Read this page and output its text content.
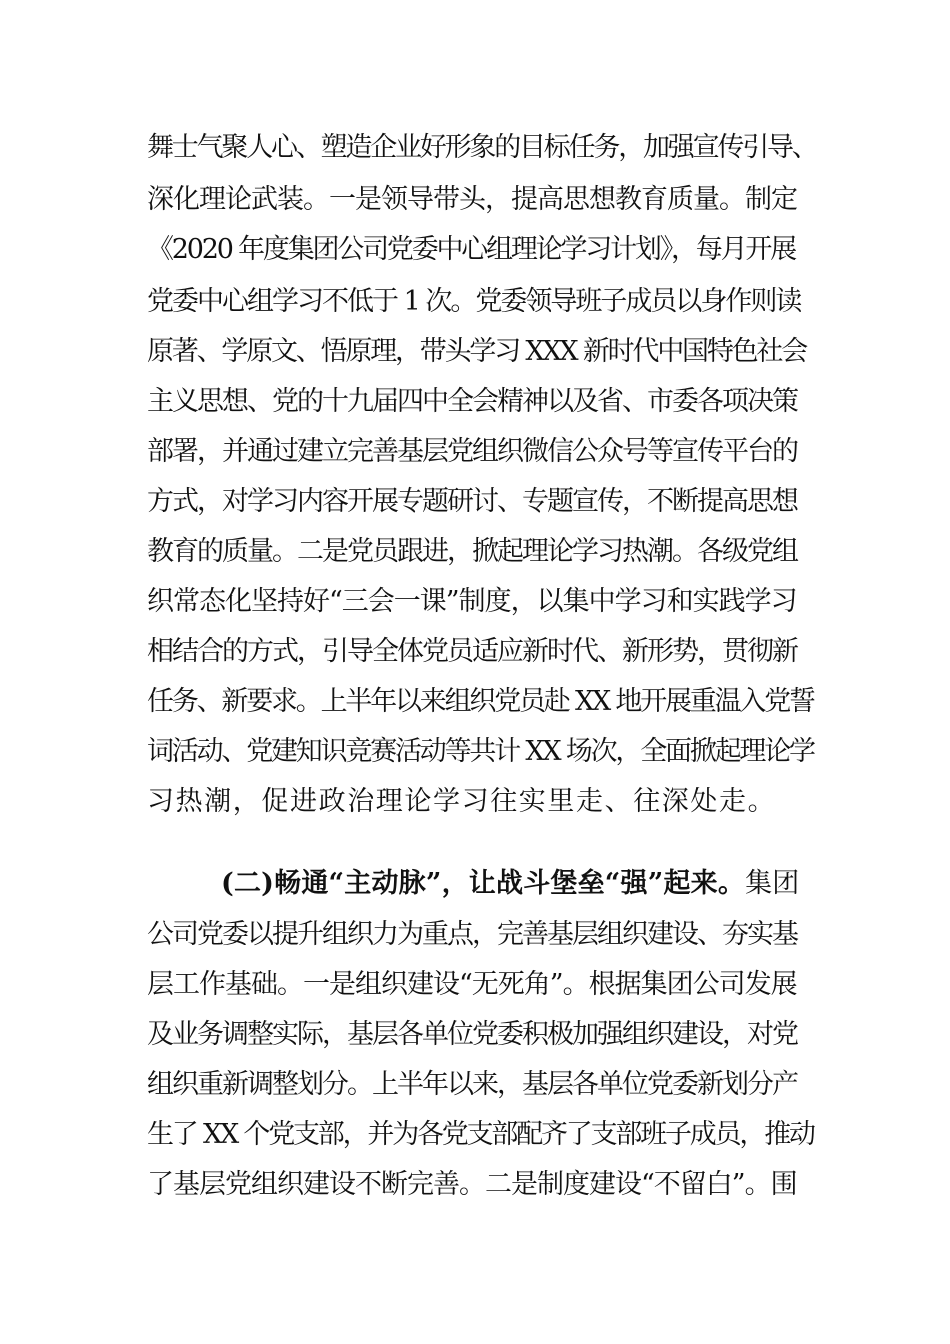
舞士气聚人心、塑造企业好形象的目标任务，加强宣传引导、
深化理论武装。一是领导带头，提高思想教育质量。制定
《2020 年度集团公司党委中心组理论学习计划》，每月开展
党委中心组学习不低于 1 次。党委领导班子成员以身作则读
原著、学原文、悟原理，带头学习 XXX 新时代中国特色社会
主义思想、党的十九届四中全会精神以及省、市委各项决策
部署，并通过建立完善基层党组织微信公众号等宣传平台的
方式，对学习内容开展专题研讨、专题宣传，不断提高思想
教育的质量。二是党员跟进，掀起理论学习热潮。各级党组
织常态化坚持好“三会一课”制度，以集中学习和实践学习
相结合的方式，引导全体党员适应新时代、新形势，贯彻新
任务、新要求。上半年以来组织党员赴 XX 地开展重温入党誓
词活动、党建知识竞赛活动等共计 XX 场次，全面掀起理论学
习热潮，促进政治理论学习往实里走、往深处走。
(二)畅通“主动脉”，让战斗堡垒“强”起来。集团
公司党委以提升组织力为重点，完善基层组织建设、夯实基
层工作基础。一是组织建设“无死角”。根据集团公司发展
及业务调整实际，基层各单位党委积极加强组织建设，对党
组织重新调整划分。上半年以来，基层各单位党委新划分产
生了 XX 个党支部，并为各党支部配齐了支部班子成员，推动
了基层党组织建设不断完善。二是制度建设“不留白”。围
